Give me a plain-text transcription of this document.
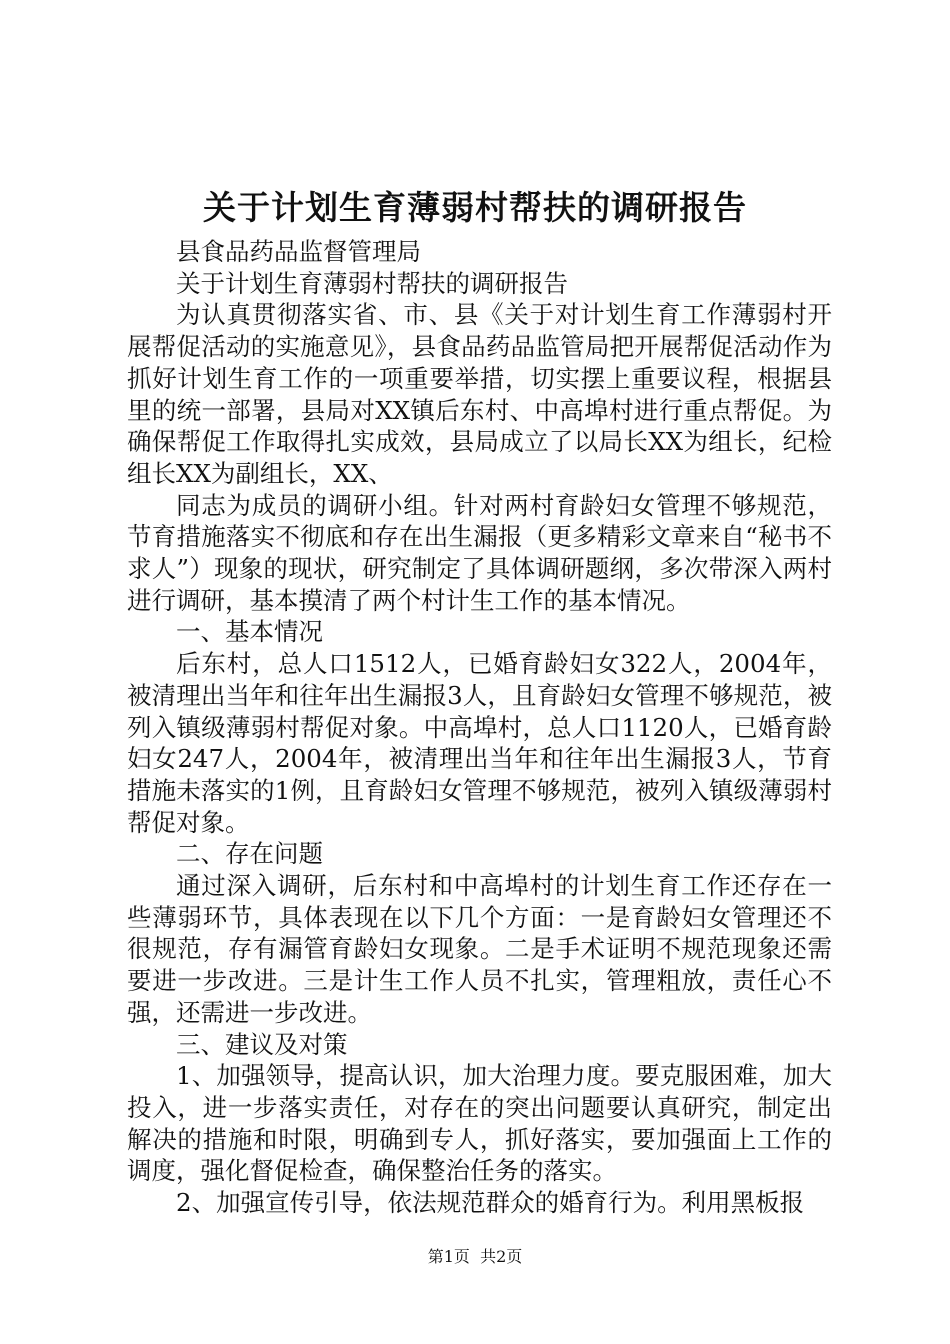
关于计划生育薄弱村帮扶的调研报告

县食品药品监督管理局

关于计划生育薄弱村帮扶的调研报告

为认真贯彻落实省、市、县《关于对计划生育工作薄弱村开展帮促活动的实施意见》，县食品药品监管局把开展帮促活动作为抓好计划生育工作的一项重要举措，切实摆上重要议程，根据县里的统一部署，县局对XX镇后东村、中高埠村进行重点帮促。为确保帮促工作取得扎实成效，县局成立了以局长XX为组长，纪检组长XX为副组长，XX、

同志为成员的调研小组。针对两村育龄妇女管理不够规范，节育措施落实不彻底和存在出生漏报（更多精彩文章来自“秘书不求人”）现象的现状，研究制定了具体调研题纲，多次带深入两村进行调研，基本摸清了两个村计生工作的基本情况。

一、基本情况

后东村，总人口1512人，已婚育龄妇女322人，2004年，被清理出当年和往年出生漏报3人，且育龄妇女管理不够规范，被列入镇级薄弱村帮促对象。中高埠村，总人口1120人，已婚育龄妇女247人，2004年，被清理出当年和往年出生漏报3人，节育措施未落实的1例，且育龄妇女管理不够规范，被列入镇级薄弱村帮促对象。

二、存在问题

通过深入调研，后东村和中高埠村的计划生育工作还存在一些薄弱环节，具体表现在以下几个方面：一是育龄妇女管理还不很规范，存有漏管育龄妇女现象。二是手术证明不规范现象还需要进一步改进。三是计生工作人员不扎实，管理粗放，责任心不强，还需进一步改进。

三、建议及对策

1、加强领导，提高认识，加大治理力度。要克服困难，加大投入，进一步落实责任，对存在的突出问题要认真研究，制定出解决的措施和时限，明确到专人，抓好落实，要加强面上工作的调度，强化督促检查，确保整治任务的落实。

2、加强宣传引导，依法规范群众的婚育行为。利用黑板报

第1页 共2页
